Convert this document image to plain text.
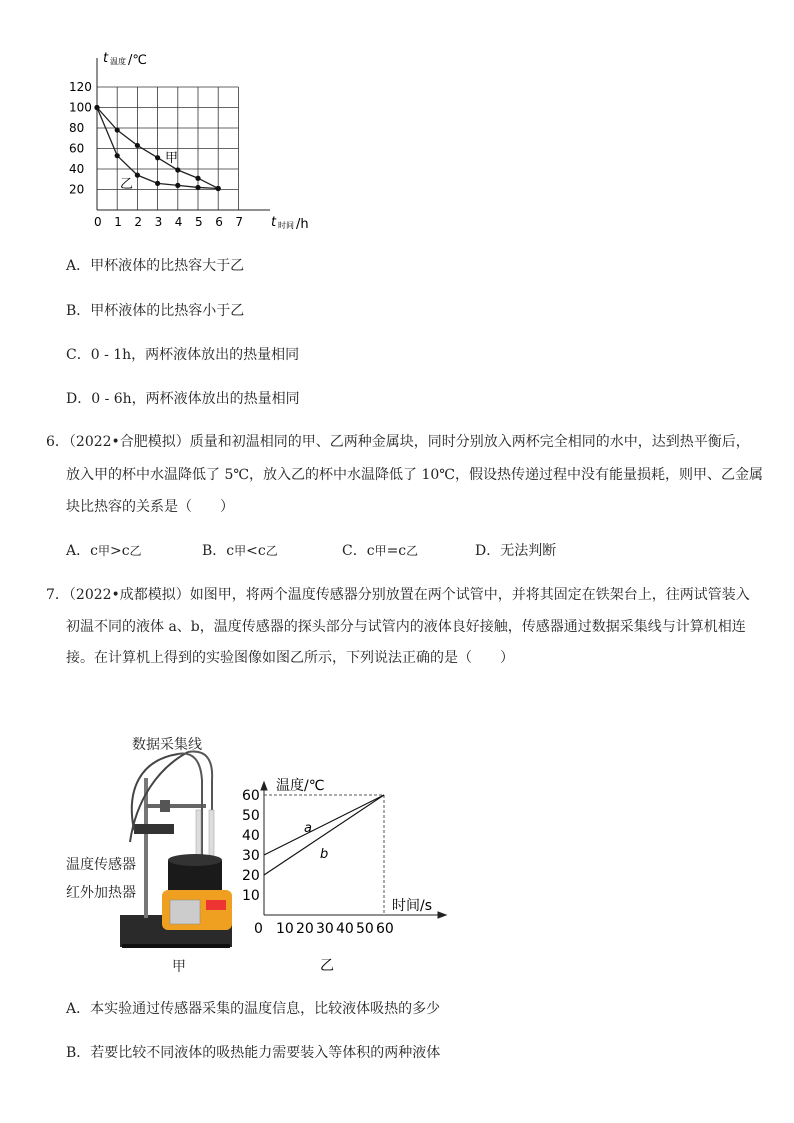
120
100
80
60
40
20
0 1 2 3 4 5 6 7
t 温度 /℃
t 时间 /h
甲
乙
A．甲杯液体的比热容大于乙
B．甲杯液体的比热容小于乙
C．0 - 1h，两杯液体放出的热量相同
D．0 - 6h，两杯液体放出的热量相同
6．（2022•合肥模拟）质量和初温相同的甲、乙两种金属块，同时分别放入两杯完全相同的水中，达到热平衡后，
放入甲的杯中水温降低了 5℃，放入乙的杯中水温降低了 10℃，假设热传递过程中没有能量损耗，则甲、乙金属
块比热容的关系是（　　）
A．c甲>c乙	B．c甲<c乙	C．c甲=c乙	D．无法判断
7．（2022•成都模拟）如图甲，将两个温度传感器分别放置在两个试管中，并将其固定在铁架台上，往两试管装入
初温不同的液体 a、b，温度传感器的探头部分与试管内的液体良好接触，传感器通过数据采集线与计算机相连
接。在计算机上得到的实验图像如图乙所示，下列说法正确的是（　　）
数据采集线
温度传感器
红外加热器
甲
60
50
40
30
20
10
0 10 20 30 40 50 60
温度/℃
时间/s
a
b
乙
A．本实验通过传感器采集的温度信息，比较液体吸热的多少
B．若要比较不同液体的吸热能力需要装入等体积的两种液体
